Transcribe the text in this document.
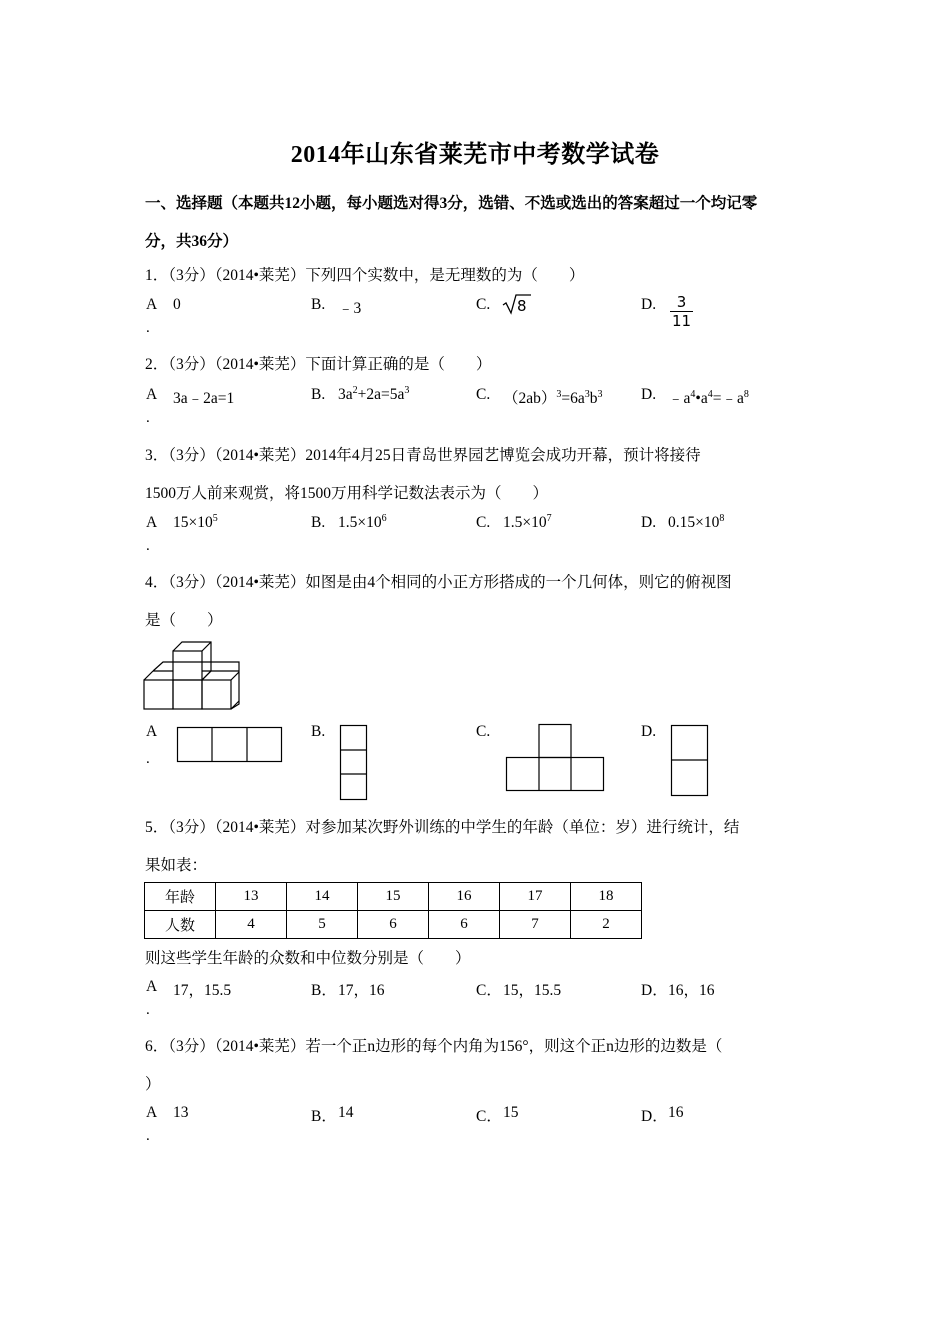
2014年山东省莱芜市中考数学试卷
一、选择题（本题共12小题，每小题选对得3分，选错、不选或选出的答案超过一个均记零
分，共36分）
1．（3分）（2014•莱芜）下列四个实数中，是无理数的为（　　）
A
.
0	B. ﹣3	C. 8	D. $\frac{3}{11}$
2．（3分）（2014•莱芜）下面计算正确的是（　　）
A
.
3a﹣2a=1	B. $3a^2+2a=5a^3$	C. $(2ab)^3=6a^3b^3$ D. $﹣a^4•a^4=﹣a^8$
3．（3分）（2014•莱芜）2014年4月25日青岛世界园艺博览会成功开幕，预计将接待
1500万人前来观赏，将1500万用科学记数法表示为（　　）
A
.
$15\times 10^5$	B. $1.5\times 10^6$	C. $1.5\times 10^7$	D. $0.15\times 10^8$
4．（3分）（2014•莱芜）如图是由4个相同的小正方形搭成的一个几何体，则它的俯视图
是（　　）
A
.
B.	C.	D.
5．（3分）（2014•莱芜）对参加某次野外训练的中学生的年龄（单位：岁）进行统计，结
果如表：
年龄	13	14	15	16	17	18
人数	4	5	6	6	7	2
则这些学生年龄的众数和中位数分别是（　　）
A
.
17，15.5	B． 17，16	C． 15，15.5	D． 16，16
6．（3分）（2014•莱芜）若一个正n边形的每个内角为156°，则这个正n边形的边数是（
）
A
.
13	B． 14	C． 15	D． 16
